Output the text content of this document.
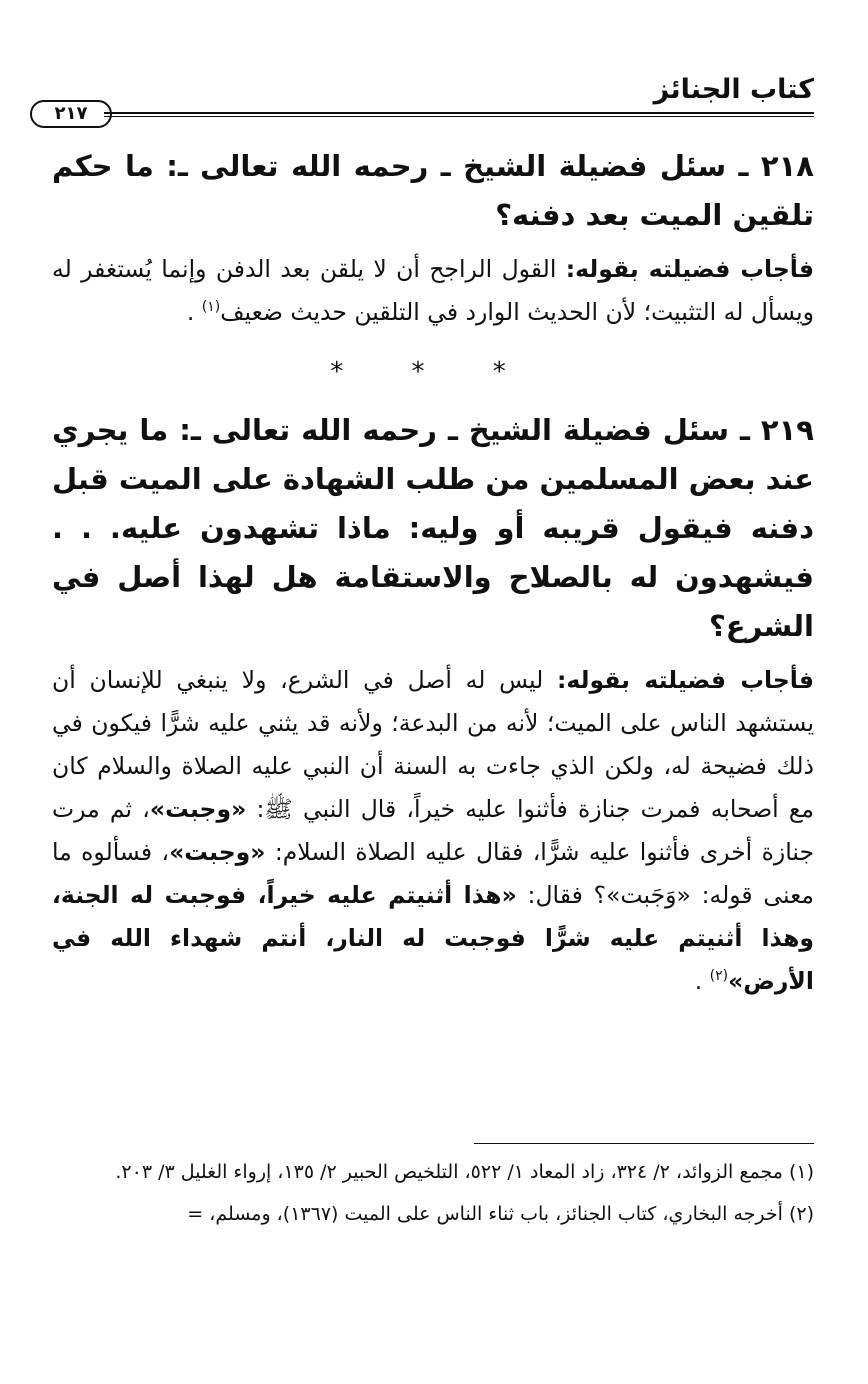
كتاب الجنائز
٢١٧

٢١٨ ـ سئل فضيلة الشيخ ـ رحمه الله تعالى ـ: ما حكم تلقين الميت بعد دفنه؟

فأجاب فضيلته بقوله: القول الراجح أن لا يلقن بعد الدفن وإنما يُستغفر له ويسأل له التثبيت؛ لأن الحديث الوارد في التلقين حديث ضعيف$^{(١)}$ .

* * *

٢١٩ ـ سئل فضيلة الشيخ ـ رحمه الله تعالى ـ: ما يجري عند بعض المسلمين من طلب الشهادة على الميت قبل دفنه فيقول قريبه أو وليه: ماذا تشهدون عليه. . . فيشهدون له بالصلاح والاستقامة هل لهذا أصل في الشرع؟

فأجاب فضيلته بقوله: ليس له أصل في الشرع، ولا ينبغي للإنسان أن يستشهد الناس على الميت؛ لأنه من البدعة؛ ولأنه قد يثني عليه شرًّا فيكون في ذلك فضيحة له، ولكن الذي جاءت به السنة أن النبي عليه الصلاة والسلام كان مع أصحابه فمرت جنازة فأثنوا عليه خيراً، قال النبي ﷺ: «وجبت»، ثم مرت جنازة أخرى فأثنوا عليه شرًّا، فقال عليه الصلاة السلام: «وجبت»، فسألوه ما معنى قوله: «وَجَبت»؟ فقال: «هذا أثنيتم عليه خيراً، فوجبت له الجنة، وهذا أثنيتم عليه شرًّا فوجبت له النار، أنتم شهداء الله في الأرض»$^{(٢)}$ .

(١) مجمع الزوائد، ٢/ ٣٢٤، زاد المعاد ١/ ٥٢٢، التلخيص الحبير ٢/ ١٣٥، إرواء الغليل ٣/ ٢٠٣.

(٢) أخرجه البخاري، كتاب الجنائز، باب ثناء الناس على الميت (١٣٦٧)، ومسلم، =
